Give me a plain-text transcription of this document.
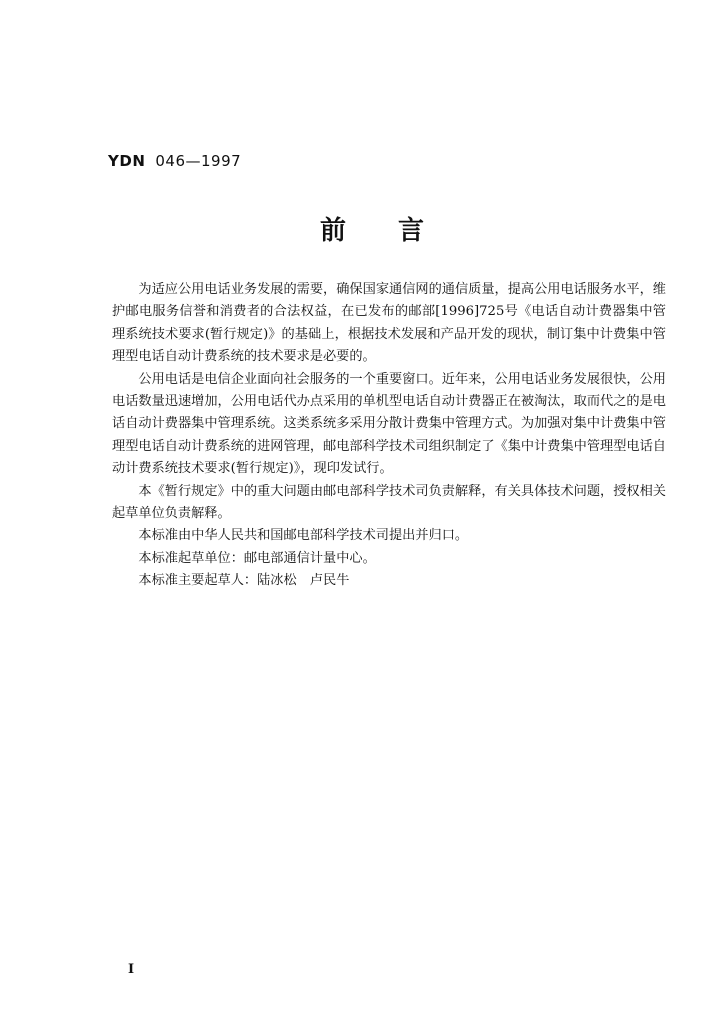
YDN 046—1997
前言

为适应公用电话业务发展的需要，确保国家通信网的通信质量，提高公用电话服务水平，维护邮电服务信誉和消费者的合法权益，在已发布的邮部[1996]725号《电话自动计费器集中管理系统技术要求(暂行规定)》的基础上，根据技术发展和产品开发的现状，制订集中计费集中管理型电话自动计费系统的技术要求是必要的。

公用电话是电信企业面向社会服务的一个重要窗口。近年来，公用电话业务发展很快，公用电话数量迅速增加，公用电话代办点采用的单机型电话自动计费器正在被淘汰，取而代之的是电话自动计费器集中管理系统。这类系统多采用分散计费集中管理方式。为加强对集中计费集中管理型电话自动计费系统的进网管理，邮电部科学技术司组织制定了《集中计费集中管理型电话自动计费系统技术要求(暂行规定)》，现印发试行。

本《暂行规定》中的重大问题由邮电部科学技术司负责解释，有关具体技术问题，授权相关起草单位负责解释。

本标准由中华人民共和国邮电部科学技术司提出并归口。

本标准起草单位：邮电部通信计量中心。

本标准主要起草人：陆冰松　卢民牛

I
